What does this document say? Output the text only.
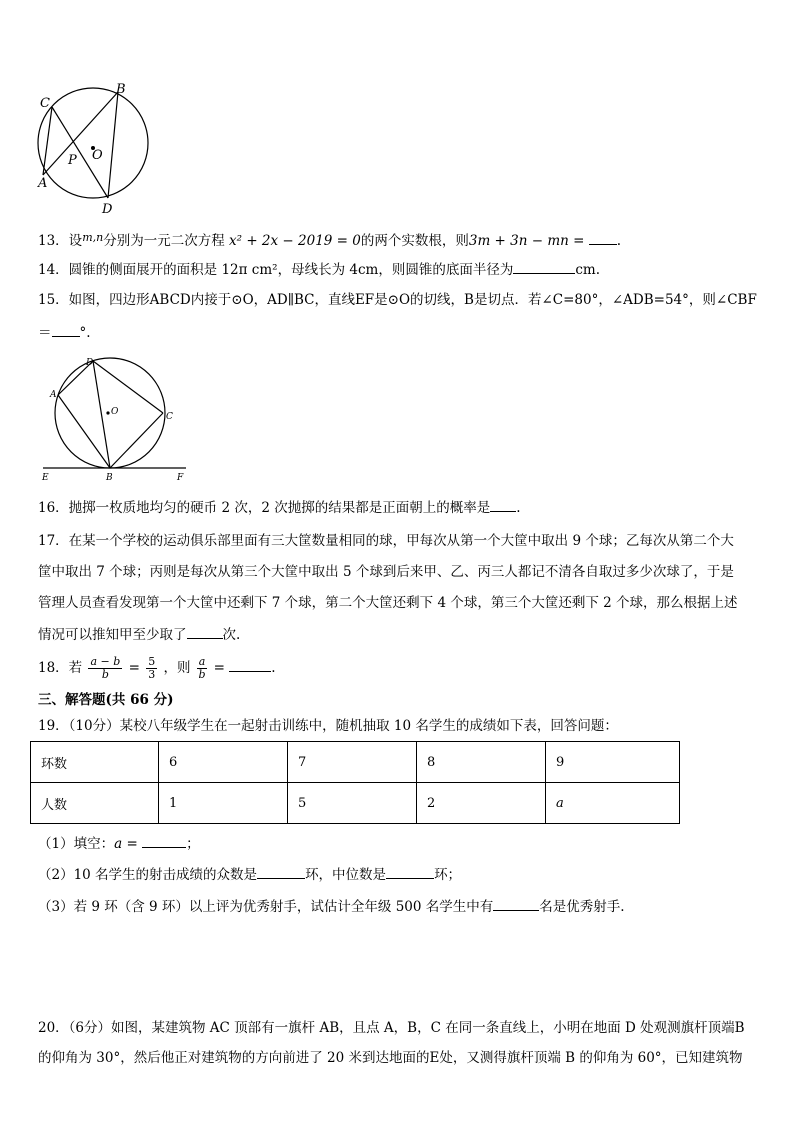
C
B
A
P O
D
13．设$^{m,n}$分别为一元二次方程 x² + 2x − 2019 = 0的两个实数根，则3m + 3n − mn = .
14．圆锥的侧面展开的面积是 12π cm²，母线长为 4cm，则圆锥的底面半径为	cm.
15．如图，四边形ABCD内接于⊙O，AD∥BC，直线EF是⊙O的切线，B是切点．若∠C=80°，∠ADB=54°，则∠CBF
＝ °.
D
A
O	C
E	B	F
16．抛掷一枚质地均匀的硬币 2 次，2 次抛掷的结果都是正面朝上的概率是 .
17．在某一个学校的运动俱乐部里面有三大筐数量相同的球，甲每次从第一个大筐中取出 9 个球；乙每次从第二个大
筐中取出 7 个球；丙则是每次从第三个大筐中取出 5 个球到后来甲、乙、丙三人都记不清各自取过多少次球了，于是
管理人员查看发现第一个大筐中还剩下 7 个球，第二个大筐还剩下 4 个球，第三个大筐还剩下 2 个球，那么根据上述
情况可以推知甲至少取了	次.
18．若 $\frac{a - b}{b} = \frac{5}{3}$ ，则 $\frac{a}{b}$ =	.
三、解答题(共 66 分)
19．（10分）某校八年级学生在一起射击训练中，随机抽取 10 名学生的成绩如下表，回答问题：
环数	6	7	8	9
人数	1	5	2	a
（1）填空：a =	；
（2）10 名学生的射击成绩的众数是	环，中位数是	环；
（3）若 9 环（含 9 环）以上评为优秀射手，试估计全年级 500 名学生中有	名是优秀射手.
20．（6分）如图，某建筑物 AC 顶部有一旗杆 AB，且点 A，B，C 在同一条直线上，小明在地面 D 处观测旗杆顶端B
的仰角为 30°，然后他正对建筑物的方向前进了 20 米到达地面的E处，又测得旗杆顶端 B 的仰角为 60°，已知建筑物
